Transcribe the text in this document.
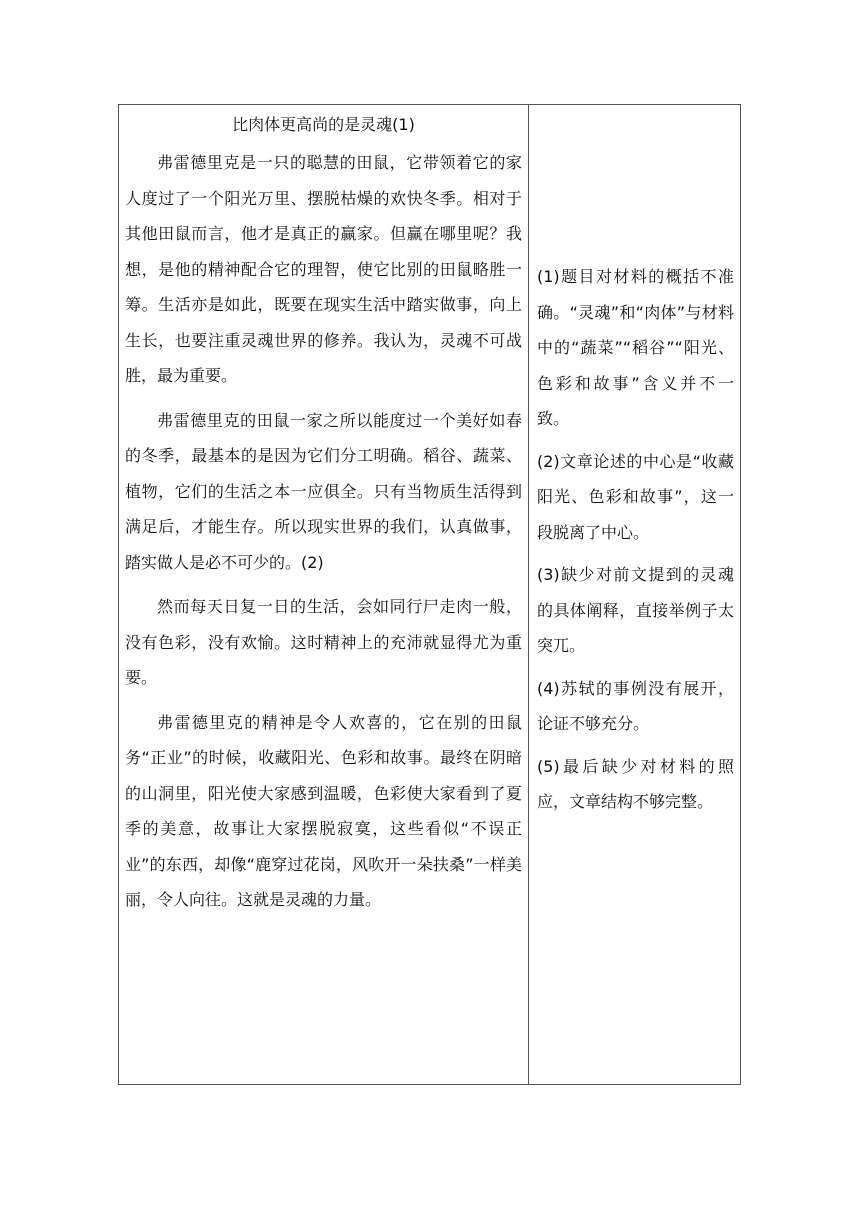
比肉体更高尚的是灵魂(1)

弗雷德里克是一只的聪慧的田鼠，它带领着它的家人度过了一个阳光万里、摆脱枯燥的欢快冬季。相对于其他田鼠而言，他才是真正的赢家。但赢在哪里呢？我想，是他的精神配合它的理智，使它比别的田鼠略胜一筹。生活亦是如此，既要在现实生活中踏实做事，向上生长，也要注重灵魂世界的修养。我认为，灵魂不可战胜，最为重要。

弗雷德里克的田鼠一家之所以能度过一个美好如春的冬季，最基本的是因为它们分工明确。稻谷、蔬菜、植物，它们的生活之本一应俱全。只有当物质生活得到满足后，才能生存。所以现实世界的我们，认真做事，踏实做人是必不可少的。(2)

然而每天日复一日的生活，会如同行尸走肉一般，没有色彩，没有欢愉。这时精神上的充沛就显得尤为重要。

弗雷德里克的精神是令人欢喜的，它在别的田鼠务“正业”的时候，收藏阳光、色彩和故事。最终在阴暗的山洞里，阳光使大家感到温暖，色彩使大家看到了夏季的美意，故事让大家摆脱寂寞，这些看似“不误正业”的东西，却像“鹿穿过花岗，风吹开一朵扶桑”一样美丽，令人向往。这就是灵魂的力量。

(1)题目对材料的概括不准确。“灵魂”和“肉体”与材料中的“蔬菜”“稻谷”“阳光、色彩和故事”含义并不一致。

(2)文章论述的中心是“收藏阳光、色彩和故事”，这一段脱离了中心。

(3)缺少对前文提到的灵魂的具体阐释，直接举例子太突兀。

(4)苏轼的事例没有展开，论证不够充分。

(5)最后缺少对材料的照应，文章结构不够完整。
